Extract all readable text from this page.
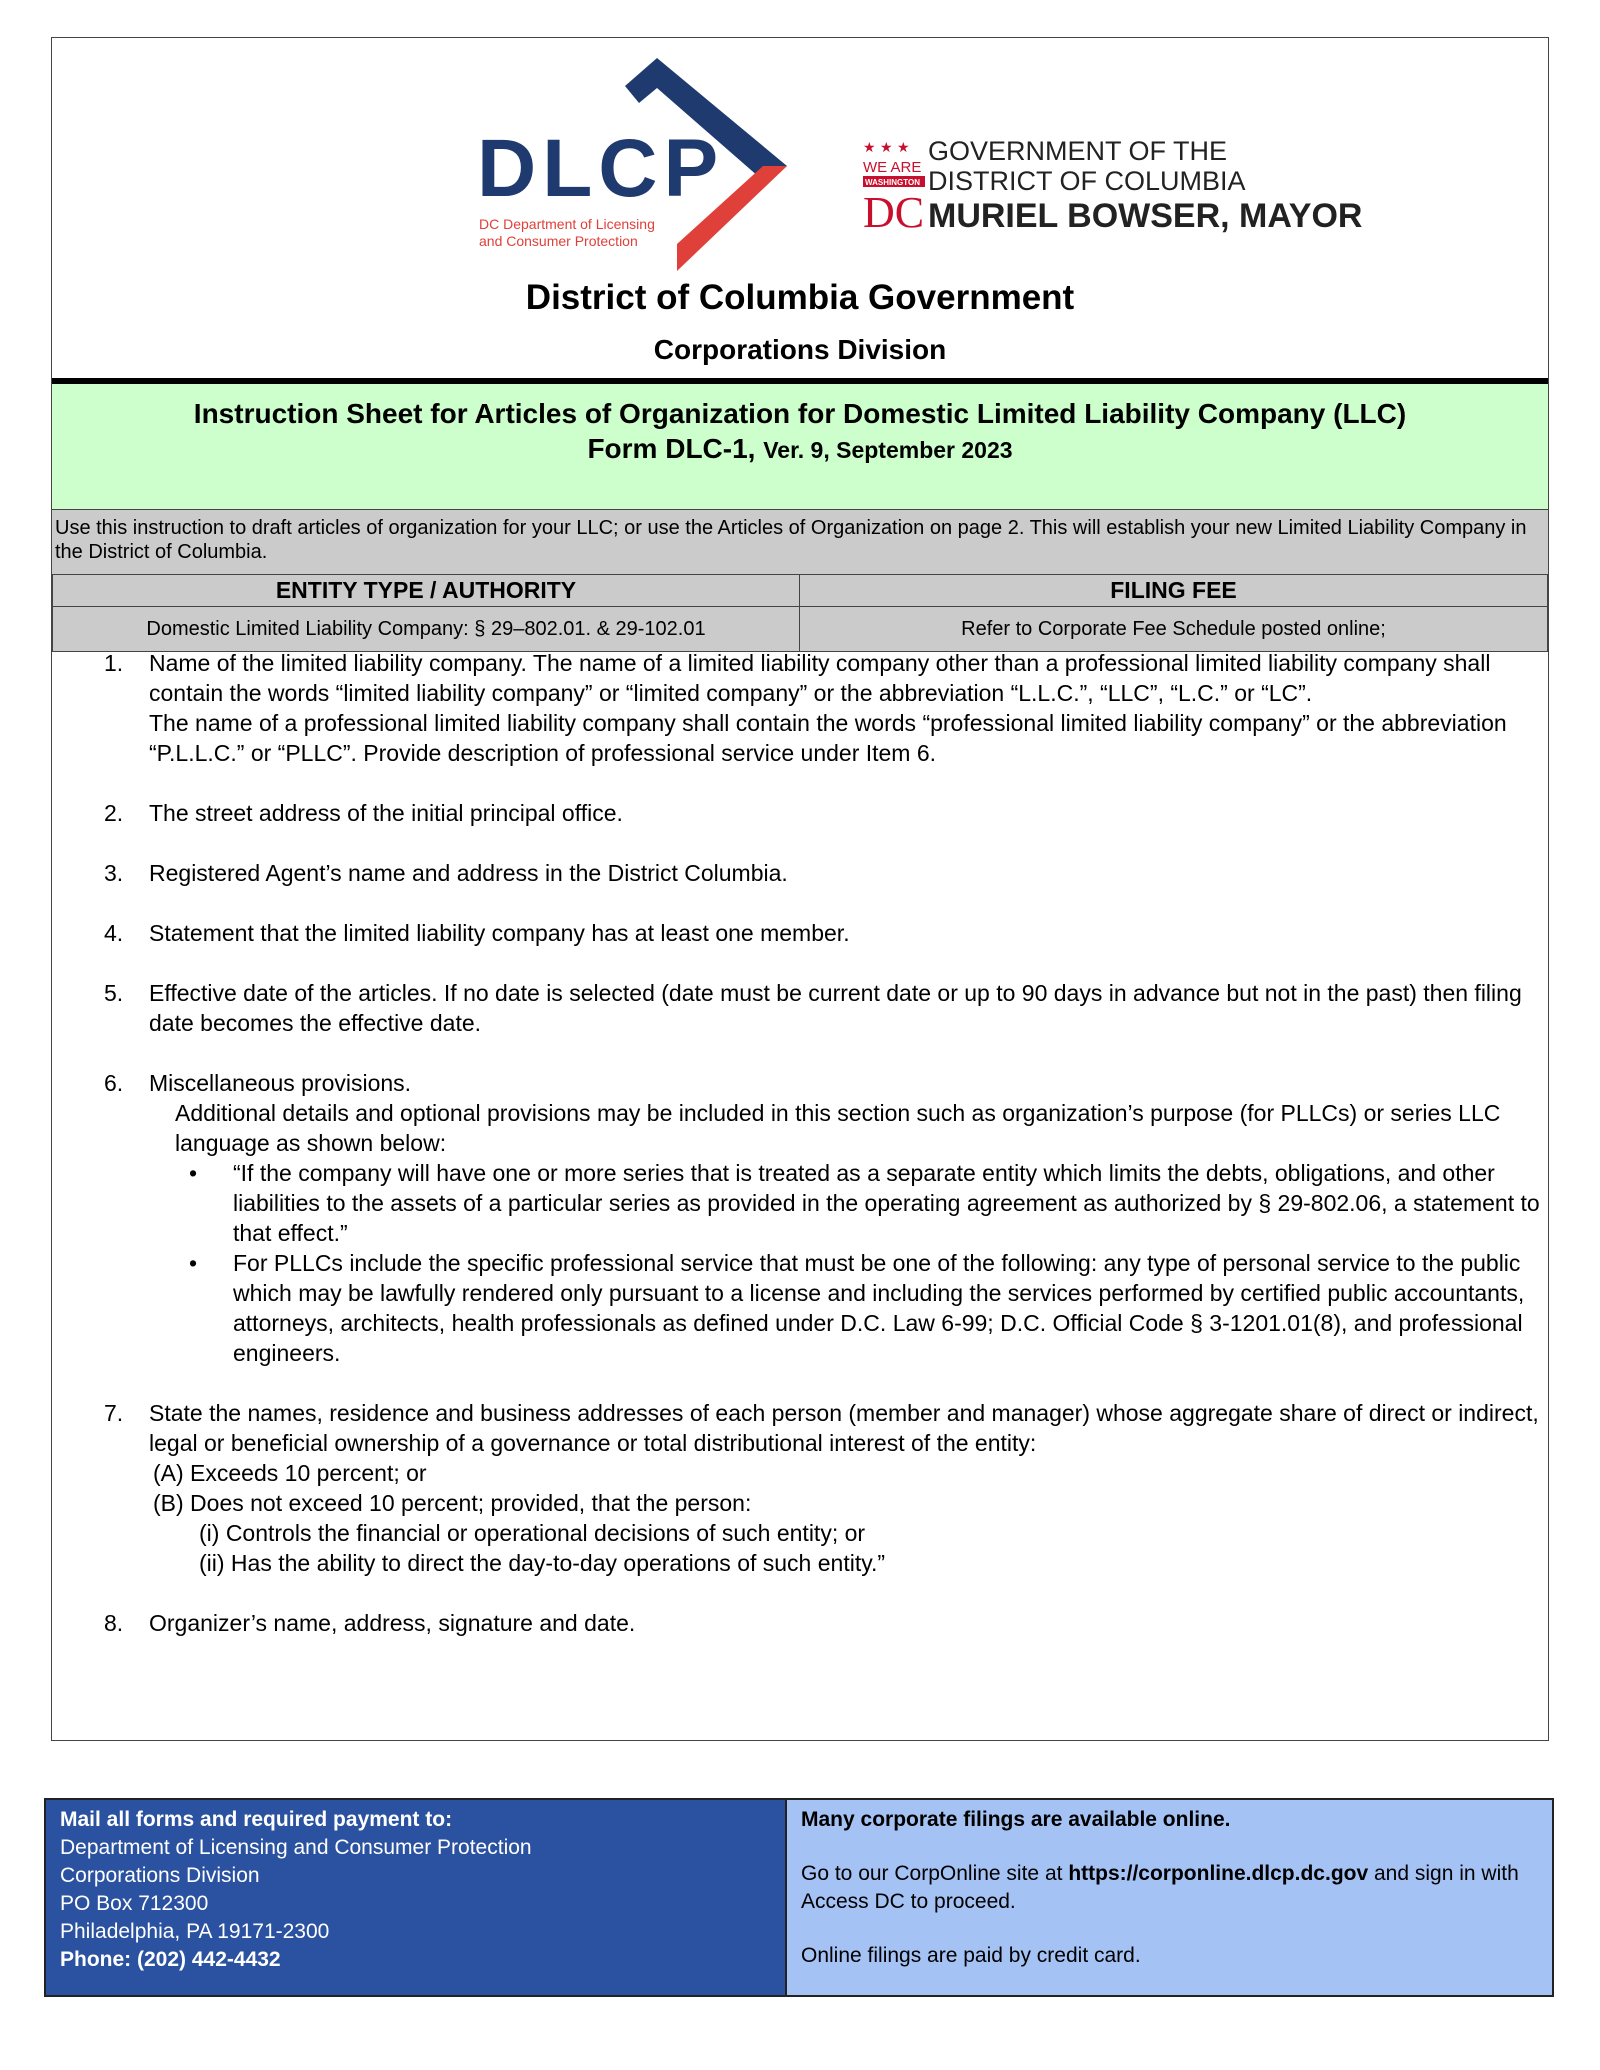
DLCP
DC Department of Licensing
and Consumer Protection
★ ★ ★
WE ARE
WASHINGTON
DC
GOVERNMENT OF THE
DISTRICT OF COLUMBIA
MURIEL BOWSER, MAYOR
District of Columbia Government
Corporations Division
Instruction Sheet for Articles of Organization for Domestic Limited Liability Company (LLC)
Form DLC-1, Ver. 9, September 2023
Use this instruction to draft articles of organization for your LLC; or use the Articles of Organization on page 2. This will establish your new Limited Liability Company in the District of Columbia.
ENTITY TYPE / AUTHORITY	FILING FEE
Domestic Limited Liability Company: § 29–802.01. & 29-102.01	Refer to Corporate Fee Schedule posted online;
1. Name of the limited liability company. The name of a limited liability company other than a professional limited liability company shall contain the words “limited liability company” or “limited company” or the abbreviation “L.L.C.”, “LLC”, “L.C.” or “LC”.

The name of a professional limited liability company shall contain the words “professional limited liability company” or the abbreviation “P.L.L.C.” or “PLLC”. Provide description of professional service under Item 6.

2. The street address of the initial principal office.

3. Registered Agent’s name and address in the District Columbia.

4. Statement that the limited liability company has at least one member.

5. Effective date of the articles. If no date is selected (date must be current date or up to 90 days in advance but not in the past) then filing date becomes the effective date.

6. Miscellaneous provisions.

Additional details and optional provisions may be included in this section such as organization’s purpose (for PLLCs) or series LLC language as shown below:

• “If the company will have one or more series that is treated as a separate entity which limits the debts, obligations, and other liabilities to the assets of a particular series as provided in the operating agreement as authorized by § 29-802.06, a statement to that effect.”
• For PLLCs include the specific professional service that must be one of the following: any type of personal service to the public which may be lawfully rendered only pursuant to a license and including the services performed by certified public accountants, attorneys, architects, health professionals as defined under D.C. Law 6-99; D.C. Official Code § 3-1201.01(8), and professional engineers.
7. State the names, residence and business addresses of each person (member and manager) whose aggregate share of direct or indirect, legal or beneficial ownership of a governance or total distributional interest of the entity:

(A) Exceeds 10 percent; or

(B) Does not exceed 10 percent; provided, that the person:

(i) Controls the financial or operational decisions of such entity; or

(ii) Has the ability to direct the day-to-day operations of such entity.”

8. Organizer’s name, address, signature and date.

Mail all forms and required payment to:
Department of Licensing and Consumer Protection
Corporations Division
PO Box 712300
Philadelphia, PA 19171-2300
Phone: (202) 442-4432
Many corporate filings are available online.
Go to our CorpOnline site at https://corponline.dlcp.dc.gov and sign in with Access DC to proceed.
Online filings are paid by credit card.
